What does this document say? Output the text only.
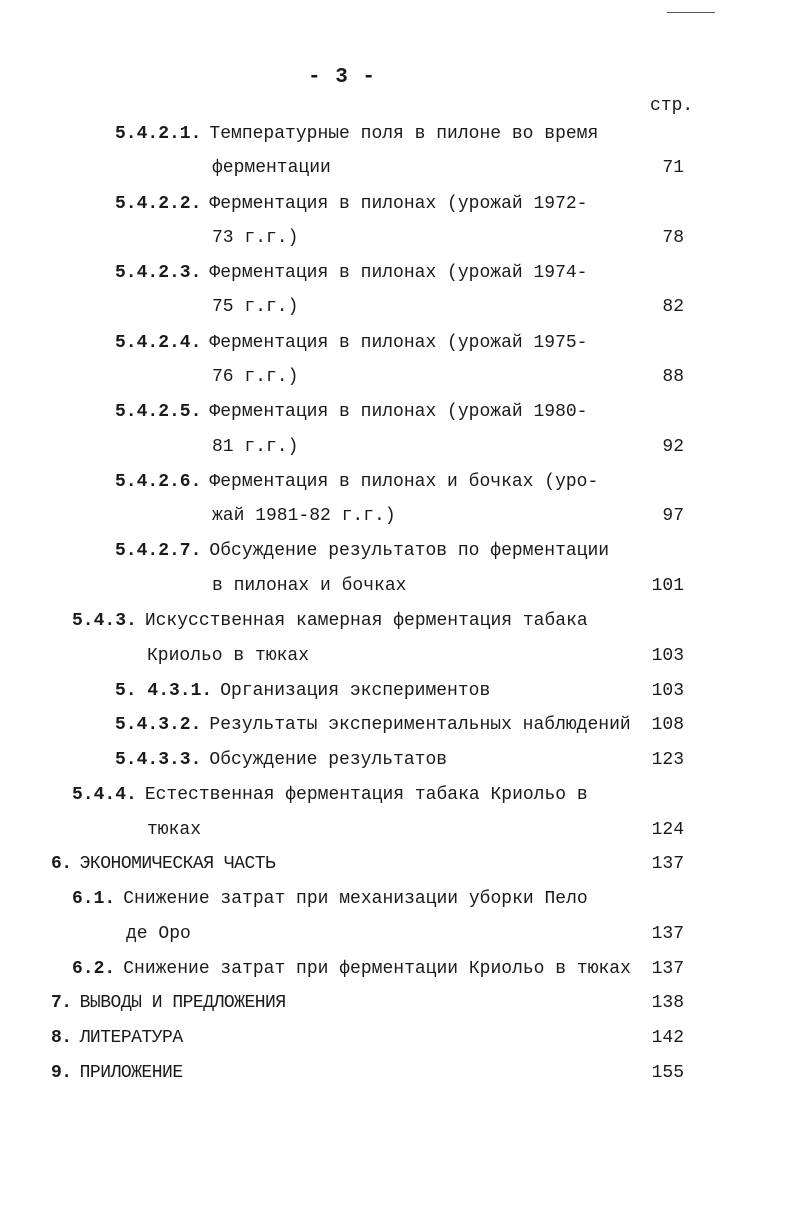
- 3 -
стр.
5.4.2.1. Температурные поля в пилоне во время
ферментации	71
5.4.2.2. Ферментация в пилонах (урожай 1972-
73 г.г.)	78
5.4.2.3. Ферментация в пилонах (урожай 1974-
75 г.г.)	82
5.4.2.4. Ферментация в пилонах (урожай 1975-
76 г.г.)	88
5.4.2.5. Ферментация в пилонах (урожай 1980-
81 г.г.)	92
5.4.2.6. Ферментация в пилонах и бочках (уро-
жай 1981-82 г.г.)	97
5.4.2.7. Обсуждение результатов по ферментации
в пилонах и бочках	101
5.4.3. Искусственная камерная ферментация табака
Криольо в тюках	103
5. 4.3.1. Организация экспериментов	103
5.4.3.2. Результаты экспериментальных наблюдений 108
5.4.3.3. Обсуждение результатов	123
5.4.4. Естественная ферментация табака Криольо в
тюках	124
6. ЭКОНОМИЧЕСКАЯ ЧАСТЬ	137
6.1. Снижение затрат при механизации уборки Пело
де Оро	137
6.2. Снижение затрат при ферментации Криольо в тюках 137
7. ВЫВОДЫ И ПРЕДЛОЖЕНИЯ	138
8. ЛИТЕРАТУРА	142
9. ПРИЛОЖЕНИЕ	155
